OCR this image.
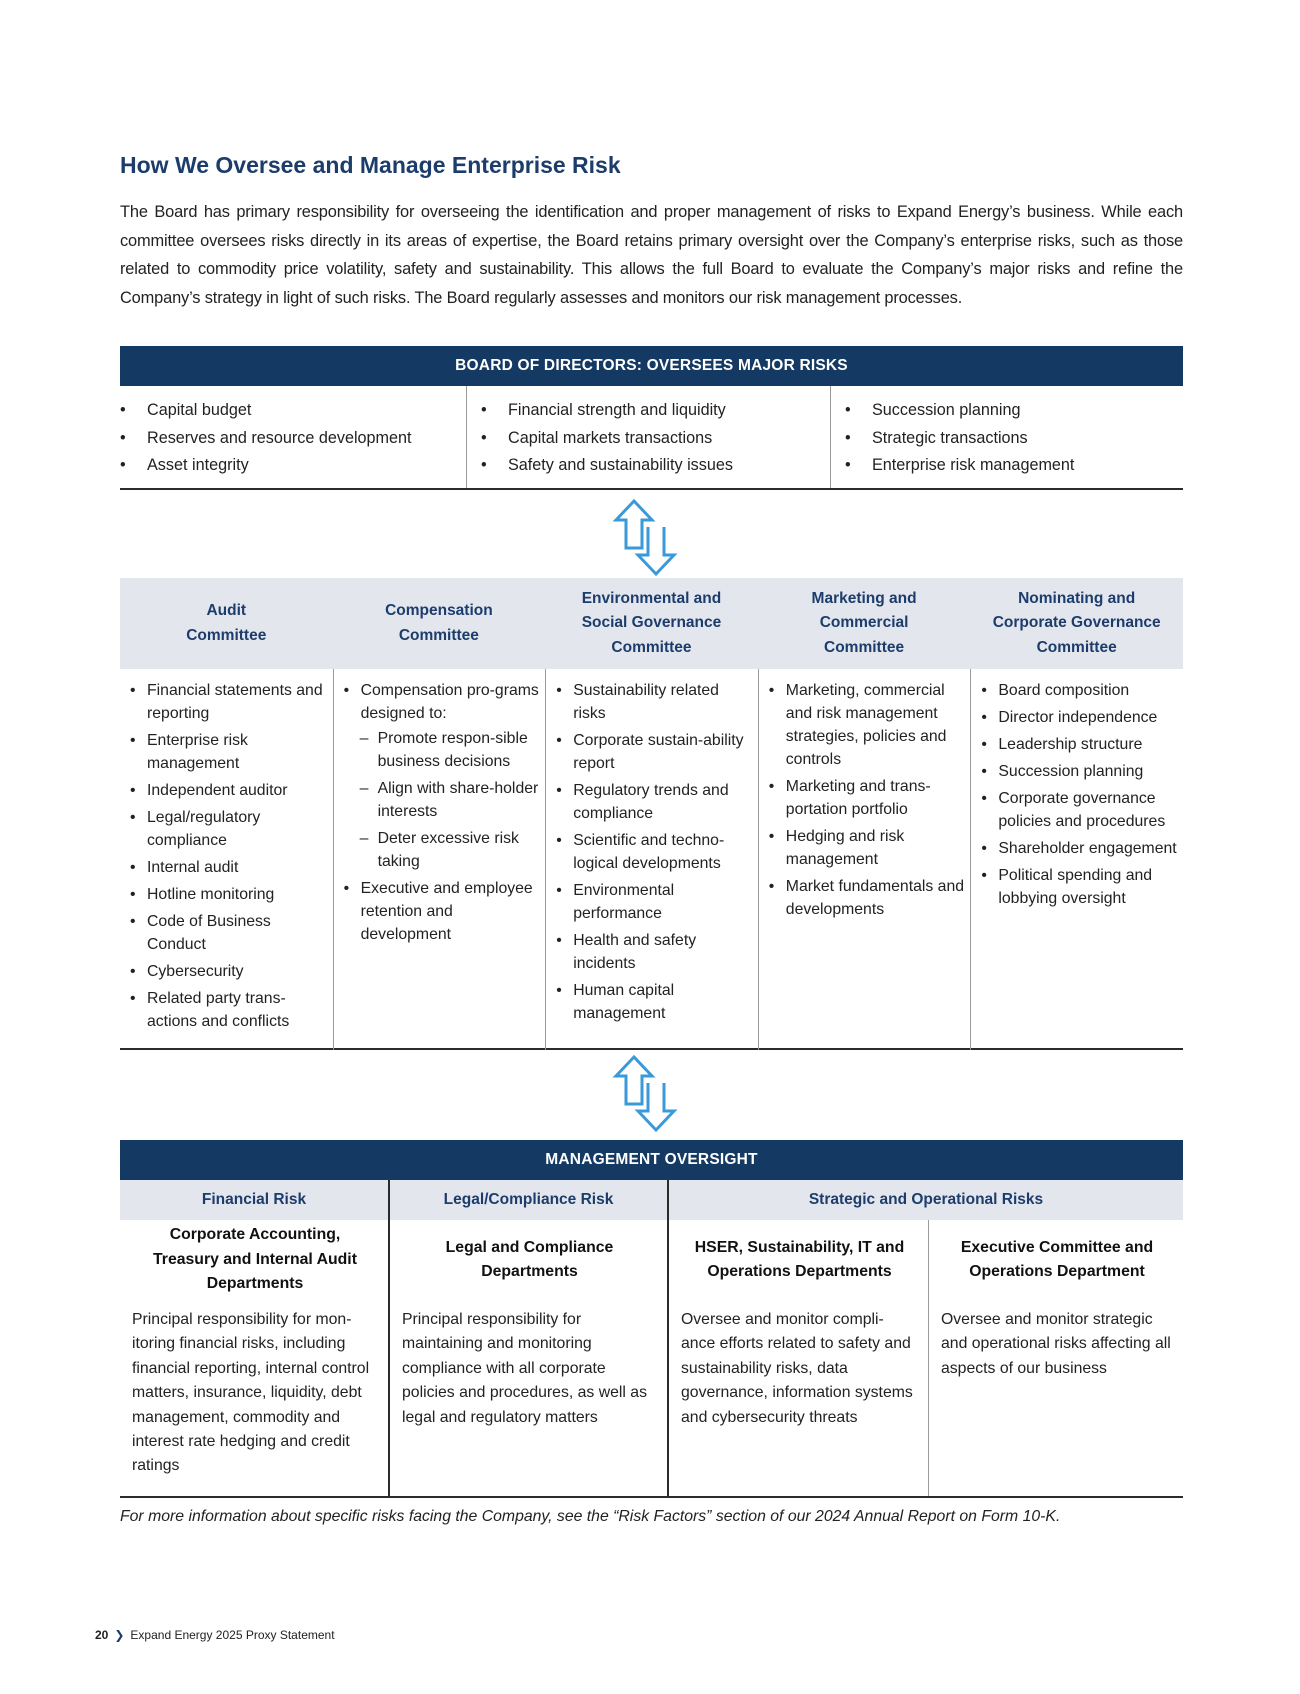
How We Oversee and Manage Enterprise Risk

The Board has primary responsibility for overseeing the identification and proper management of risks to Expand Energy’s business. While each committee oversees risks directly in its areas of expertise, the Board retains primary oversight over the Company’s enterprise risks, such as those related to commodity price volatility, safety and sustainability. This allows the full Board to evaluate the Company’s major risks and refine the Company’s strategy in light of such risks. The Board regularly assesses and monitors our risk management processes.

BOARD OF DIRECTORS: OVERSEES MAJOR RISKS
• Capital budget
• Reserves and resource development
• Asset integrity
• Financial strength and liquidity
• Capital markets transactions
• Safety and sustainability issues
• Succession planning
• Strategic transactions
• Enterprise risk management
Audit
Committee
Compensation
Committee
Environmental and
Social Governance
Committee
Marketing and
Commercial
Committee
Nominating and
Corporate Governance
Committee
• Financial statements and reporting
• Enterprise risk management
• Independent auditor
• Legal/regulatory compliance
• Internal audit
• Hotline monitoring
• Code of Business Conduct
• Cybersecurity
• Related party trans-actions and conflicts
• Compensation pro-grams designed to:
– Promote respon-sible business decisions
– Align with share-holder interests
– Deter excessive risk taking
• Executive and employee retention and development
• Sustainability related risks
• Corporate sustain-ability report
• Regulatory trends and compliance
• Scientific and techno-logical developments
• Environmental performance
• Health and safety incidents
• Human capital management
• Marketing, commercial and risk management strategies, policies and controls
• Marketing and trans-portation portfolio
• Hedging and risk management
• Market fundamentals and developments
• Board composition
• Director independence
• Leadership structure
• Succession planning
• Corporate governance policies and procedures
• Shareholder engagement
• Political spending and lobbying oversight
MANAGEMENT OVERSIGHT
Financial Risk	Legal/Compliance Risk	Strategic and Operational Risks
Corporate Accounting,
Treasury and Internal Audit
Departments

Principal responsibility for mon-itoring financial risks, including financial reporting, internal control matters, insurance, liquidity, debt management, commodity and interest rate hedging and credit ratings

Legal and Compliance
Departments

Principal responsibility for maintaining and monitoring compliance with all corporate policies and procedures, as well as legal and regulatory matters

HSER, Sustainability, IT and
Operations Departments

Oversee and monitor compli-ance efforts related to safety and sustainability risks, data governance, information systems and cybersecurity threats

Executive Committee and
Operations Department

Oversee and monitor strategic and operational risks affecting all aspects of our business

For more information about specific risks facing the Company, see the “Risk Factors” section of our 2024 Annual Report on Form 10-K.

20 ❯ Expand Energy 2025 Proxy Statement
